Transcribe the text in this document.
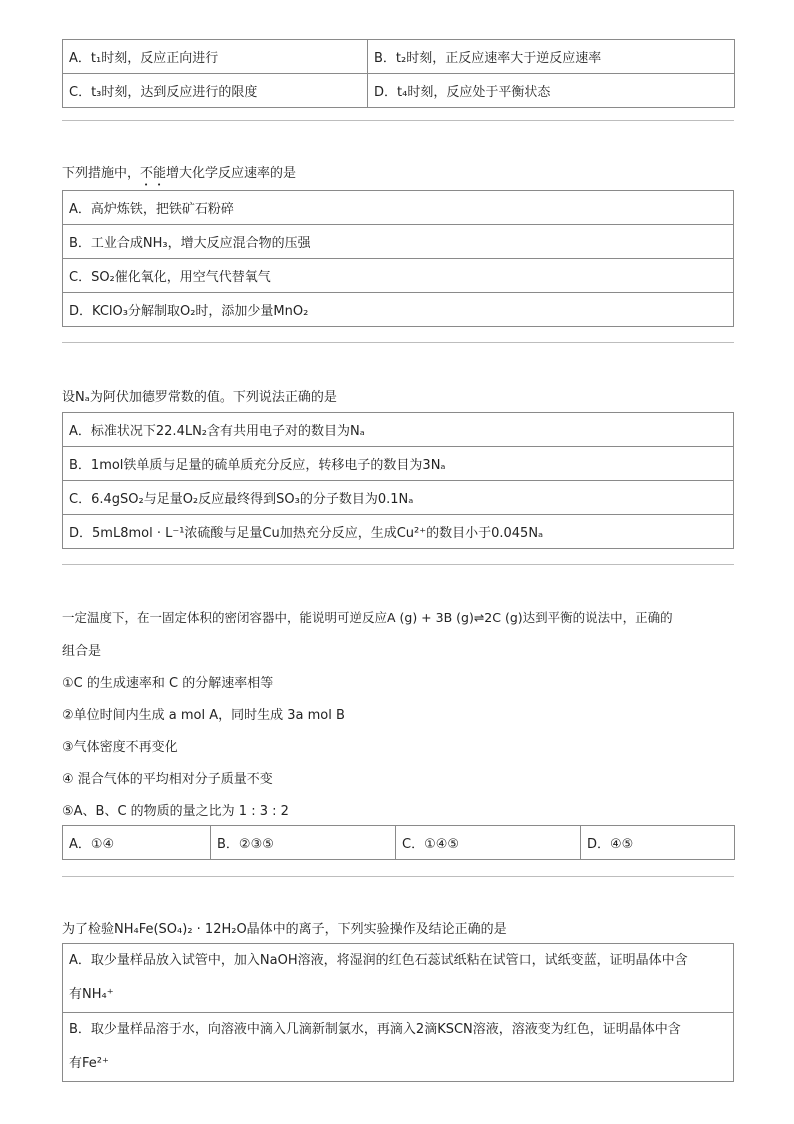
A．t₁时刻，反应正向进行	B．t₂时刻，正反应速率大于逆反应速率
C．t₃时刻，达到反应进行的限度	D．t₄时刻，反应处于平衡状态
下列措施中，不能增大化学反应速率的是
A．高炉炼铁，把铁矿石粉碎
B．工业合成NH₃，增大反应混合物的压强
C．SO₂催化氧化，用空气代替氧气
D．KClO₃分解制取O₂时，添加少量MnO₂
设Nₐ为阿伏加德罗常数的值。下列说法正确的是
A．标准状况下22.4LN₂含有共用电子对的数目为Nₐ
B．1mol铁单质与足量的硫单质充分反应，转移电子的数目为3Nₐ
C．6.4gSO₂与足量O₂反应最终得到SO₃的分子数目为0.1Nₐ
D．5mL8mol · L⁻¹浓硫酸与足量Cu加热充分反应，生成Cu²⁺的数目小于0.045Nₐ
一定温度下，在一固定体积的密闭容器中，能说明可逆反应A (g) + 3B (g)⇌2C (g)达到平衡的说法中，正确的
组合是
①C 的生成速率和 C 的分解速率相等
②单位时间内生成 a mol A，同时生成 3a mol B
③气体密度不再变化
④ 混合气体的平均相对分子质量不变
⑤A、B、C 的物质的量之比为 1 : 3 : 2
A．①④	B．②③⑤	C．①④⑤	D．④⑤
为了检验NH₄Fe(SO₄)₂ · 12H₂O晶体中的离子，下列实验操作及结论正确的是
A．取少量样品放入试管中，加入NaOH溶液，将湿润的红色石蕊试纸粘在试管口，试纸变蓝，证明晶体中含
有NH₄⁺

B．取少量样品溶于水，向溶液中滴入几滴新制氯水，再滴入2滴KSCN溶液，溶液变为红色，证明晶体中含
有Fe²⁺
